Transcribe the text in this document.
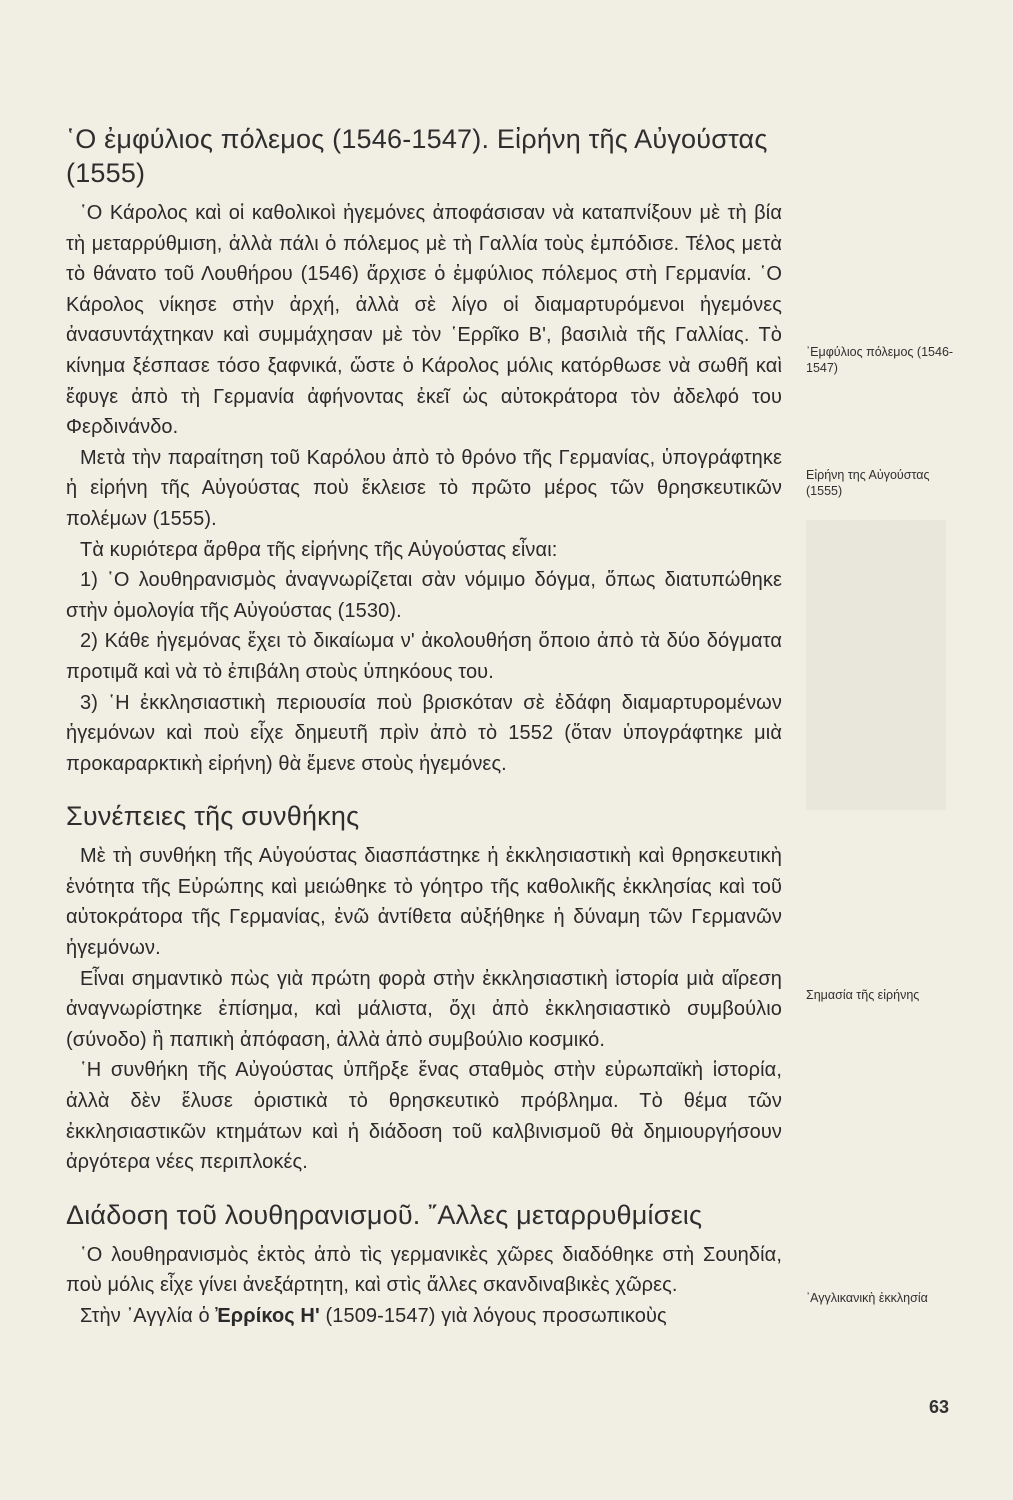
῾Ο ἐμφύλιος πόλεμος (1546-1547). Εἰρήνη τῆς Αὐγούστας (1555)

῾Ο Κάρολος καὶ οἱ καθολικοὶ ἡγεμόνες ἀποφάσισαν νὰ καταπνίξουν μὲ τὴ βία τὴ μεταρρύθμιση, ἀλλὰ πάλι ὁ πόλεμος μὲ τὴ Γαλλία τοὺς ἐμπόδισε. Τέλος μετὰ τὸ θάνατο τοῦ Λουθήρου (1546) ἄρχισε ὁ ἐμφύλιος πόλεμος στὴ Γερμανία. ῾Ο Κάρολος νίκησε στὴν ἀρχή, ἀλλὰ σὲ λίγο οἱ διαμαρτυρόμενοι ἡγεμόνες ἀνασυντάχτηκαν καὶ συμμάχησαν μὲ τὸν ῾Ερρῖκο Β', βασιλιὰ τῆς Γαλλίας. Τὸ κίνημα ξέσπασε τόσο ξαφνικά, ὥστε ὁ Κάρολος μόλις κατόρθωσε νὰ σωθῆ καὶ ἔφυγε ἀπὸ τὴ Γερμανία ἀφήνοντας ἐκεῖ ὡς αὐτοκράτορα τὸν ἀδελφό του Φερδινάνδο.

Μετὰ τὴν παραίτηση τοῦ Καρόλου ἀπὸ τὸ θρόνο τῆς Γερμανίας, ὑπογράφτηκε ἡ εἰρήνη τῆς Αὐγούστας ποὺ ἔκλεισε τὸ πρῶτο μέρος τῶν θρησκευτικῶν πολέμων (1555).

Τὰ κυριότερα ἄρθρα τῆς εἰρήνης τῆς Αὐγούστας εἶναι:

1) ῾Ο λουθηρανισμὸς ἀναγνωρίζεται σὰν νόμιμο δόγμα, ὅπως διατυπώθηκε στὴν ὁμολογία τῆς Αὐγούστας (1530).

2) Κάθε ἡγεμόνας ἔχει τὸ δικαίωμα ν' ἀκολουθήση ὅποιο ἀπὸ τὰ δύο δόγματα προτιμᾶ καὶ νὰ τὸ ἐπιβάλη στοὺς ὑπηκόους του.

3) ῾Η ἐκκλησιαστικὴ περιουσία ποὺ βρισκόταν σὲ ἐδάφη διαμαρτυρομένων ἡγεμόνων καὶ ποὺ εἶχε δημευτῆ πρὶν ἀπὸ τὸ 1552 (ὅταν ὑπογράφτηκε μιὰ προκαραρκτικὴ εἰρήνη) θὰ ἔμενε στοὺς ἡγεμόνες.

Συνέπειες τῆς συνθήκης

Μὲ τὴ συνθήκη τῆς Αὐγούστας διασπάστηκε ἡ ἐκκλησιαστικὴ καὶ θρησκευτικὴ ἑνότητα τῆς Εὐρώπης καὶ μειώθηκε τὸ γόητρο τῆς καθολικῆς ἐκκλησίας καὶ τοῦ αὐτοκράτορα τῆς Γερμανίας, ἐνῶ ἀντίθετα αὐξήθηκε ἡ δύναμη τῶν Γερμανῶν ἡγεμόνων.

Εἶναι σημαντικὸ πὼς γιὰ πρώτη φορὰ στὴν ἐκκλησιαστικὴ ἱστορία μιὰ αἵρεση ἀναγνωρίστηκε ἐπίσημα, καὶ μάλιστα, ὄχι ἀπὸ ἐκκλησιαστικὸ συμβούλιο (σύνοδο) ἢ παπικὴ ἀπόφαση, ἀλλὰ ἀπὸ συμβούλιο κοσμικό.

῾Η συνθήκη τῆς Αὐγούστας ὑπῆρξε ἕνας σταθμὸς στὴν εὐρωπαϊκὴ ἱστορία, ἀλλὰ δὲν ἔλυσε ὁριστικὰ τὸ θρησκευτικὸ πρόβλημα. Τὸ θέμα τῶν ἐκκλησιαστικῶν κτημάτων καὶ ἡ διάδοση τοῦ καλβινισμοῦ θὰ δημιουργήσουν ἀργότερα νέες περιπλοκές.

Διάδοση τοῦ λουθηρανισμοῦ. ῎Αλλες μεταρρυθμίσεις

῾Ο λουθηρανισμὸς ἐκτὸς ἀπὸ τὶς γερμανικὲς χῶρες διαδόθηκε στὴ Σουηδία, ποὺ μόλις εἶχε γίνει ἀνεξάρτητη, καὶ στὶς ἄλλες σκανδιναβικὲς χῶρες.

Στὴν ᾽Αγγλία ὁ Ἐρρίκος Η' (1509-1547) γιὰ λόγους προσωπικοὺς

᾽Εμφύλιος πόλεμος (1546-1547)
Εἰρήνη της Αὐγούστας (1555)
Σημασία τῆς εἰρήνης
᾽Αγγλικανικὴ ἐκκλησία
63
